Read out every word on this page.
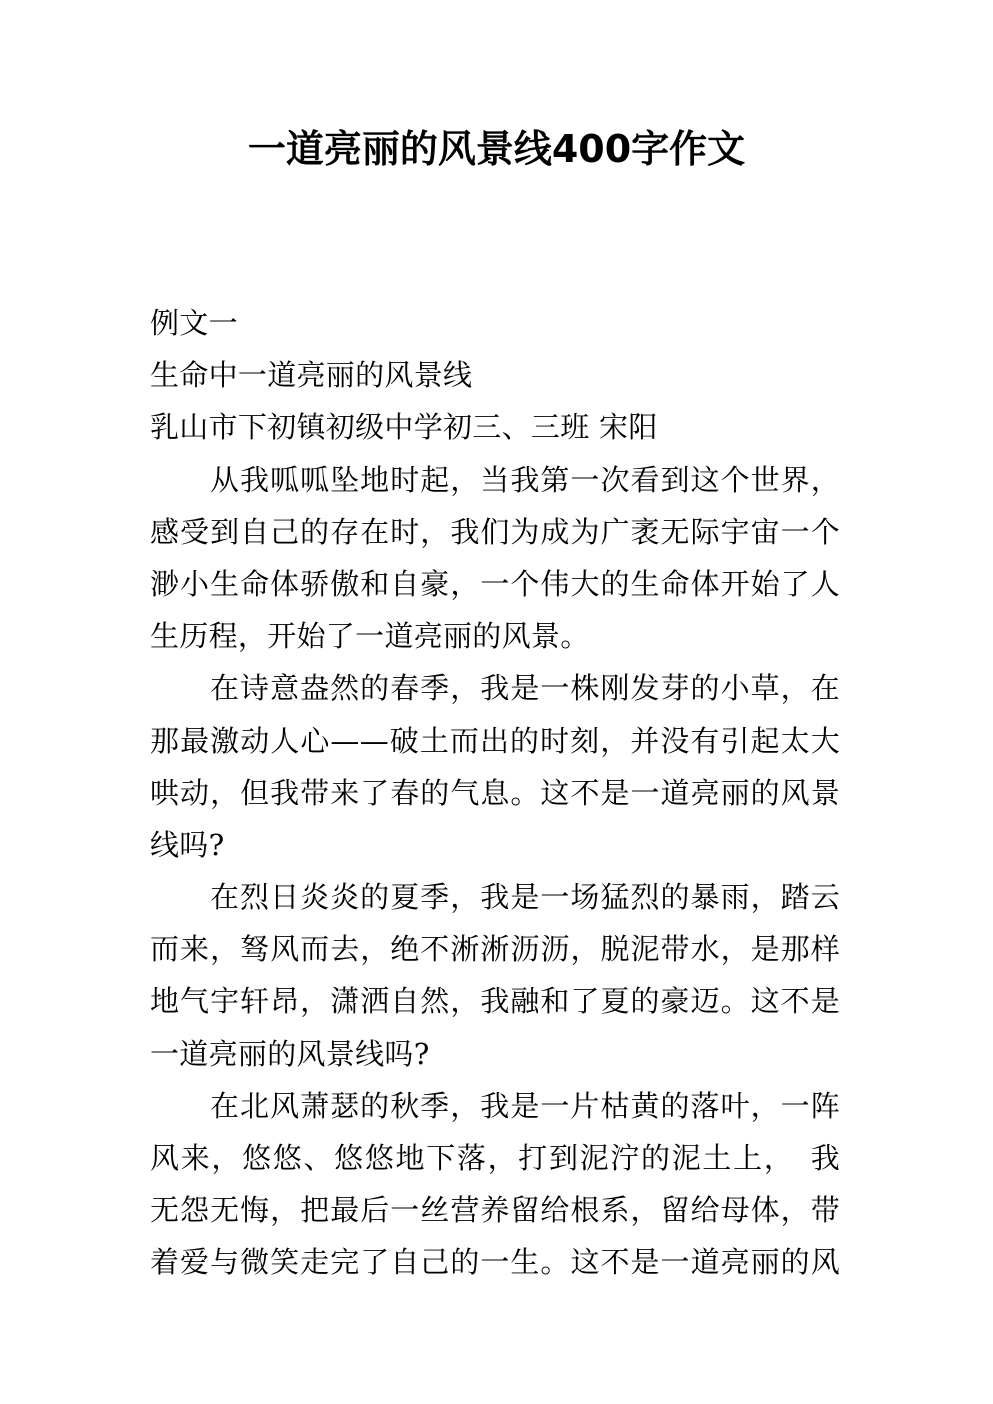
一道亮丽的风景线400字作文
例文一
生命中一道亮丽的风景线
乳山市下初镇初级中学初三、三班 宋阳
从我呱呱坠地时起，当我第一次看到这个世界，
感受到自己的存在时，我们为成为广袤无际宇宙一个
渺小生命体骄傲和自豪，一个伟大的生命体开始了人
生历程，开始了一道亮丽的风景。
在诗意盎然的春季，我是一株刚发芽的小草，在
那最激动人心——破土而出的时刻，并没有引起太大
哄动，但我带来了春的气息。这不是一道亮丽的风景
线吗?
在烈日炎炎的夏季，我是一场猛烈的暴雨，踏云
而来，驽风而去，绝不淅淅沥沥，脱泥带水，是那样
地气宇轩昂，潇洒自然，我融和了夏的豪迈。这不是
一道亮丽的风景线吗?
在北风萧瑟的秋季，我是一片枯黄的落叶，一阵
风来，悠悠、悠悠地下落，打到泥泞的泥土上，　我
无怨无悔，把最后一丝营养留给根系，留给母体，带
着爱与微笑走完了自己的一生。这不是一道亮丽的风
